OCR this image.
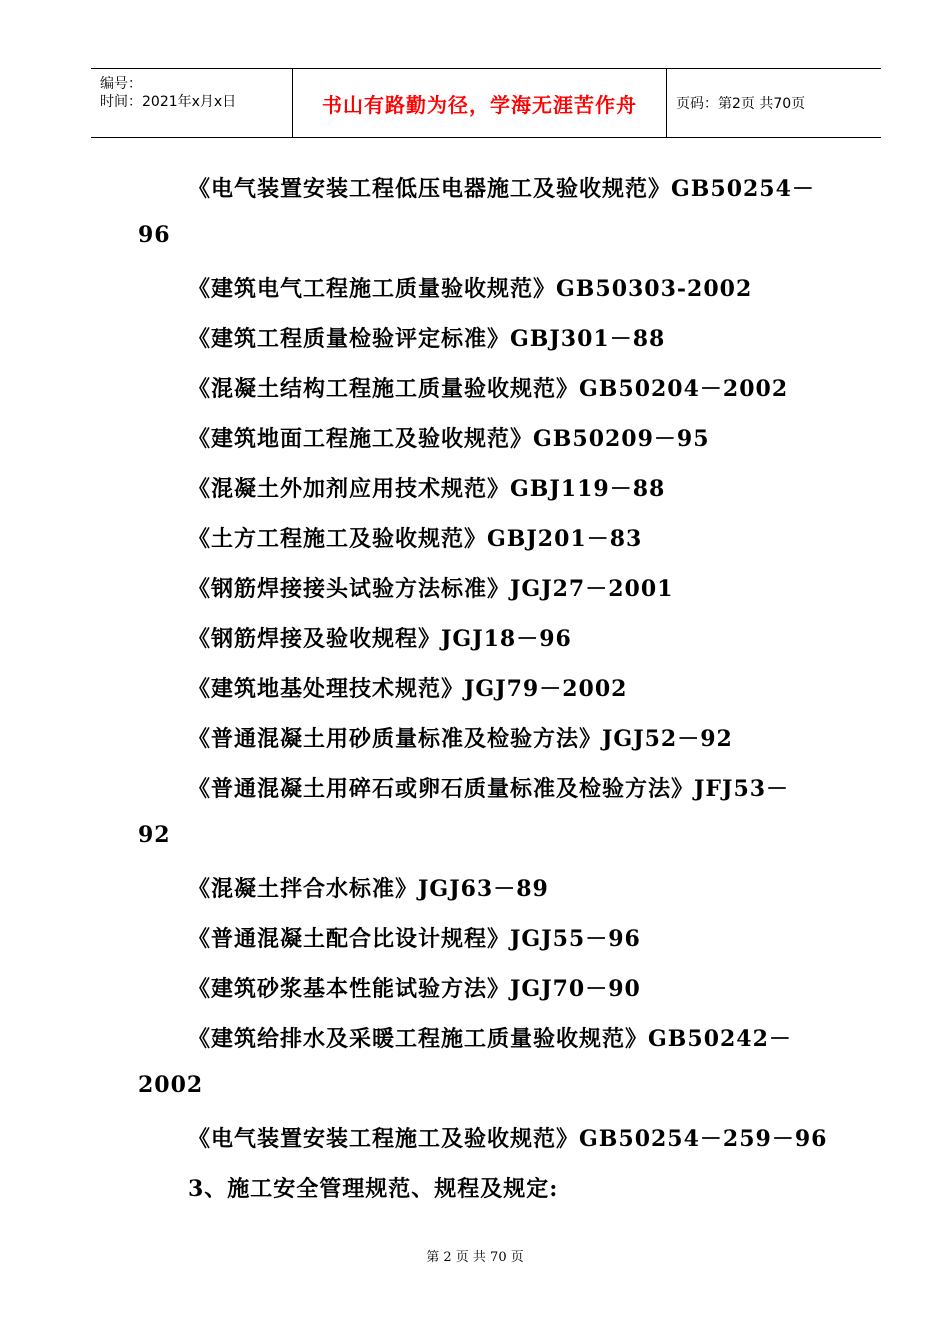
编号：
时间：2021年x月x日	书山有路勤为径，学海无涯苦作舟	页码：第2页 共70页
《电气装置安装工程低压电器施工及验收规范》GB50254－
96
《建筑电气工程施工质量验收规范》GB50303-2002
《建筑工程质量检验评定标准》GBJ301－88
《混凝土结构工程施工质量验收规范》GB50204－2002
《建筑地面工程施工及验收规范》GB50209－95
《混凝土外加剂应用技术规范》GBJ119－88
《土方工程施工及验收规范》GBJ201－83
《钢筋焊接接头试验方法标准》JGJ27－2001
《钢筋焊接及验收规程》JGJ18－96
《建筑地基处理技术规范》JGJ79－2002
《普通混凝土用砂质量标准及检验方法》JGJ52－92
《普通混凝土用碎石或卵石质量标准及检验方法》JFJ53－
92
《混凝土拌合水标准》JGJ63－89
《普通混凝土配合比设计规程》JGJ55－96
《建筑砂浆基本性能试验方法》JGJ70－90
《建筑给排水及采暖工程施工质量验收规范》GB50242－
2002
《电气装置安装工程施工及验收规范》GB50254－259－96
3、施工安全管理规范、规程及规定:
第 2 页 共 70 页
